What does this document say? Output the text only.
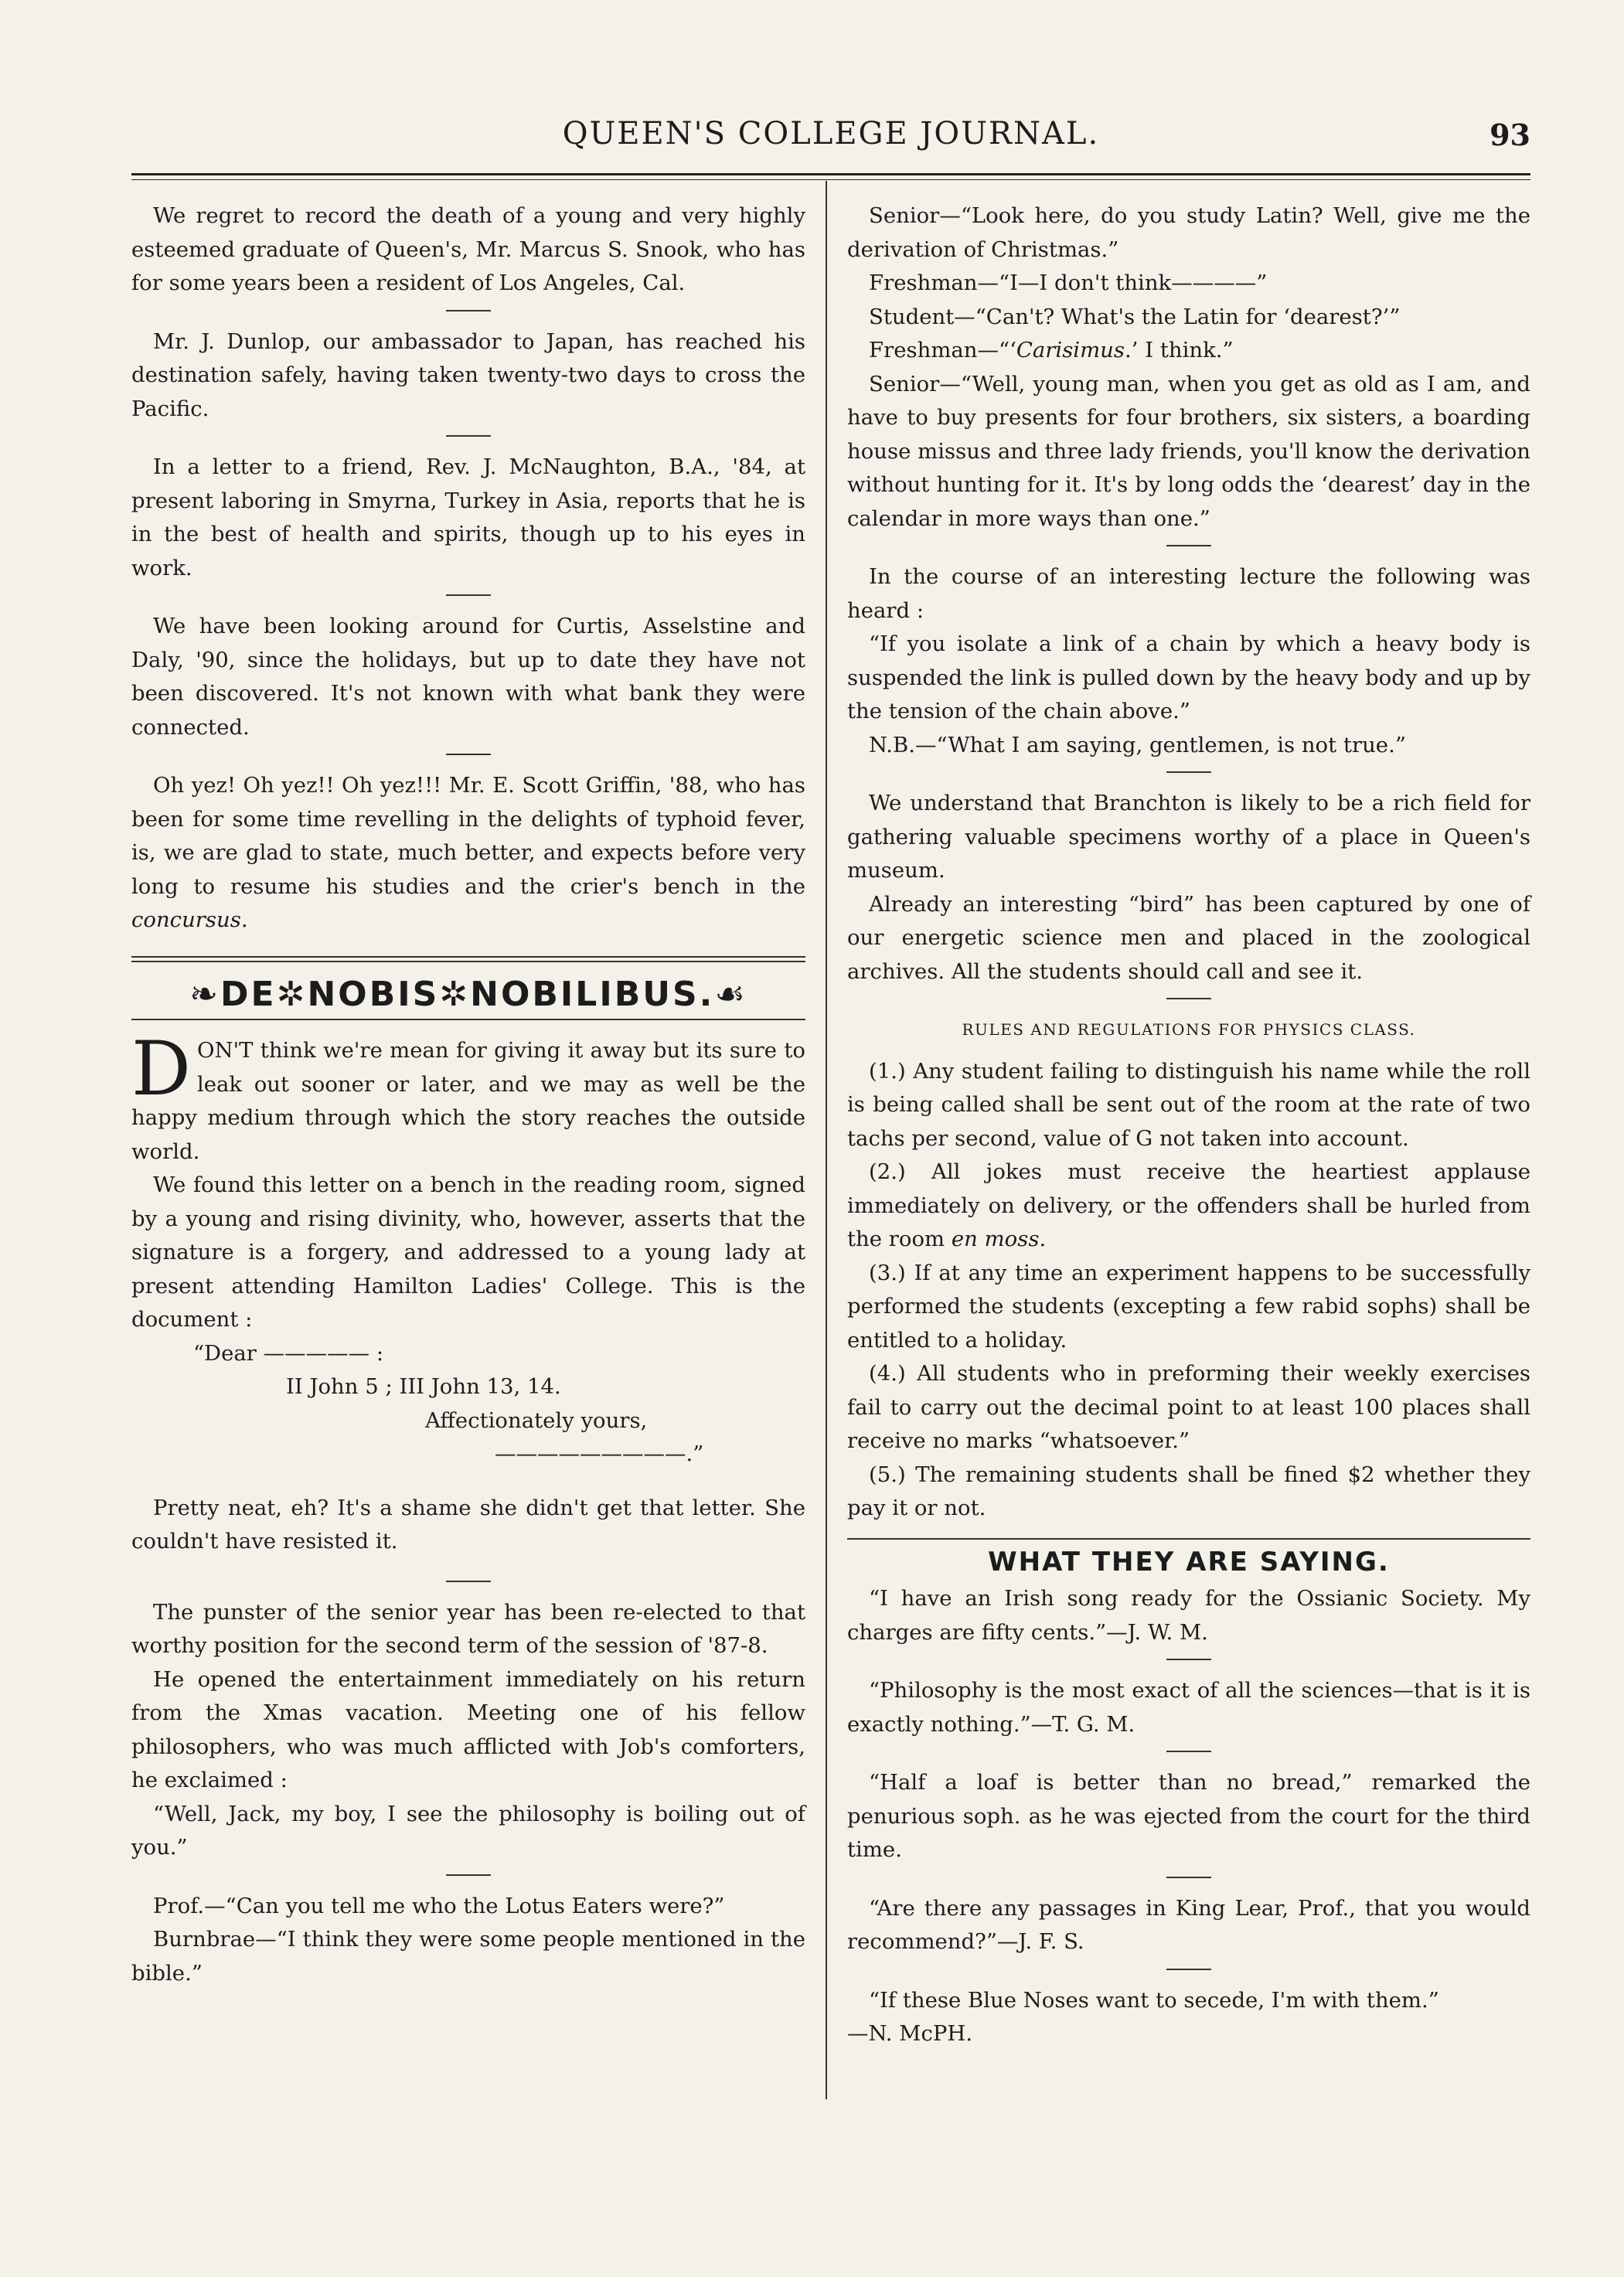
QUEEN'S COLLEGE JOURNAL.	93

We regret to record the death of a young and very highly esteemed graduate of Queen's, Mr. Marcus S. Snook, who has for some years been a resident of Los Angeles, Cal.

Mr. J. Dunlop, our ambassador to Japan, has reached his destination safely, having taken twenty-two days to cross the Pacific.

In a letter to a friend, Rev. J. McNaughton, B.A., '84, at present laboring in Smyrna, Turkey in Asia, reports that he is in the best of health and spirits, though up to his eyes in work.

We have been looking around for Curtis, Asselstine and Daly, '90, since the holidays, but up to date they have not been discovered. It's not known with what bank they were connected.

Oh yez! Oh yez!! Oh yez!!! Mr. E. Scott Griffin, '88, who has been for some time revelling in the delights of typhoid fever, is, we are glad to state, much better, and expects before very long to resume his studies and the crier's bench in the concursus.

❧DE✲NOBIS✲NOBILIBUS.☙

DON'T think we're mean for giving it away but its sure to leak out sooner or later, and we may as well be the happy medium through which the story reaches the outside world.

We found this letter on a bench in the reading room, signed by a young and rising divinity, who, however, asserts that the signature is a forgery, and addressed to a young lady at present attending Hamilton Ladies' College. This is the document :

“Dear ————— :

II John 5 ; III John 13, 14.

Affectionately yours,

—————————.”

Pretty neat, eh? It's a shame she didn't get that letter. She couldn't have resisted it.

The punster of the senior year has been re-elected to that worthy position for the second term of the session of '87-8.

He opened the entertainment immediately on his return from the Xmas vacation. Meeting one of his fellow philosophers, who was much afflicted with Job's comforters, he exclaimed :

“Well, Jack, my boy, I see the philosophy is boiling out of you.”

Prof.—“Can you tell me who the Lotus Eaters were?”

Burnbrae—“I think they were some people mentioned in the bible.”

Senior—“Look here, do you study Latin? Well, give me the derivation of Christmas.”

Freshman—“I—I don't think————”

Student—“Can't? What's the Latin for ‘dearest?’”

Freshman—“‘Carisimus.’ I think.”

Senior—“Well, young man, when you get as old as I am, and have to buy presents for four brothers, six sisters, a boarding house missus and three lady friends, you'll know the derivation without hunting for it. It's by long odds the ‘dearest’ day in the calendar in more ways than one.”

In the course of an interesting lecture the following was heard :

“If you isolate a link of a chain by which a heavy body is suspended the link is pulled down by the heavy body and up by the tension of the chain above.”

N.B.—“What I am saying, gentlemen, is not true.”

We understand that Branchton is likely to be a rich field for gathering valuable specimens worthy of a place in Queen's museum.

Already an interesting “bird” has been captured by one of our energetic science men and placed in the zoological archives. All the students should call and see it.

RULES AND REGULATIONS FOR PHYSICS CLASS.

(1.) Any student failing to distinguish his name while the roll is being called shall be sent out of the room at the rate of two tachs per second, value of G not taken into account.

(2.) All jokes must receive the heartiest applause immediately on delivery, or the offenders shall be hurled from the room en moss.

(3.) If at any time an experiment happens to be successfully performed the students (excepting a few rabid sophs) shall be entitled to a holiday.

(4.) All students who in preforming their weekly exercises fail to carry out the decimal point to at least 100 places shall receive no marks “whatsoever.”

(5.) The remaining students shall be fined $2 whether they pay it or not.

WHAT THEY ARE SAYING.

“I have an Irish song ready for the Ossianic Society. My charges are fifty cents.”—J. W. M.

“Philosophy is the most exact of all the sciences—that is it is exactly nothing.”—T. G. M.

“Half a loaf is better than no bread,” remarked the penurious soph. as he was ejected from the court for the third time.

“Are there any passages in King Lear, Prof., that you would recommend?”—J. F. S.

“If these Blue Noses want to secede, I'm with them.”

—N. McPH.
